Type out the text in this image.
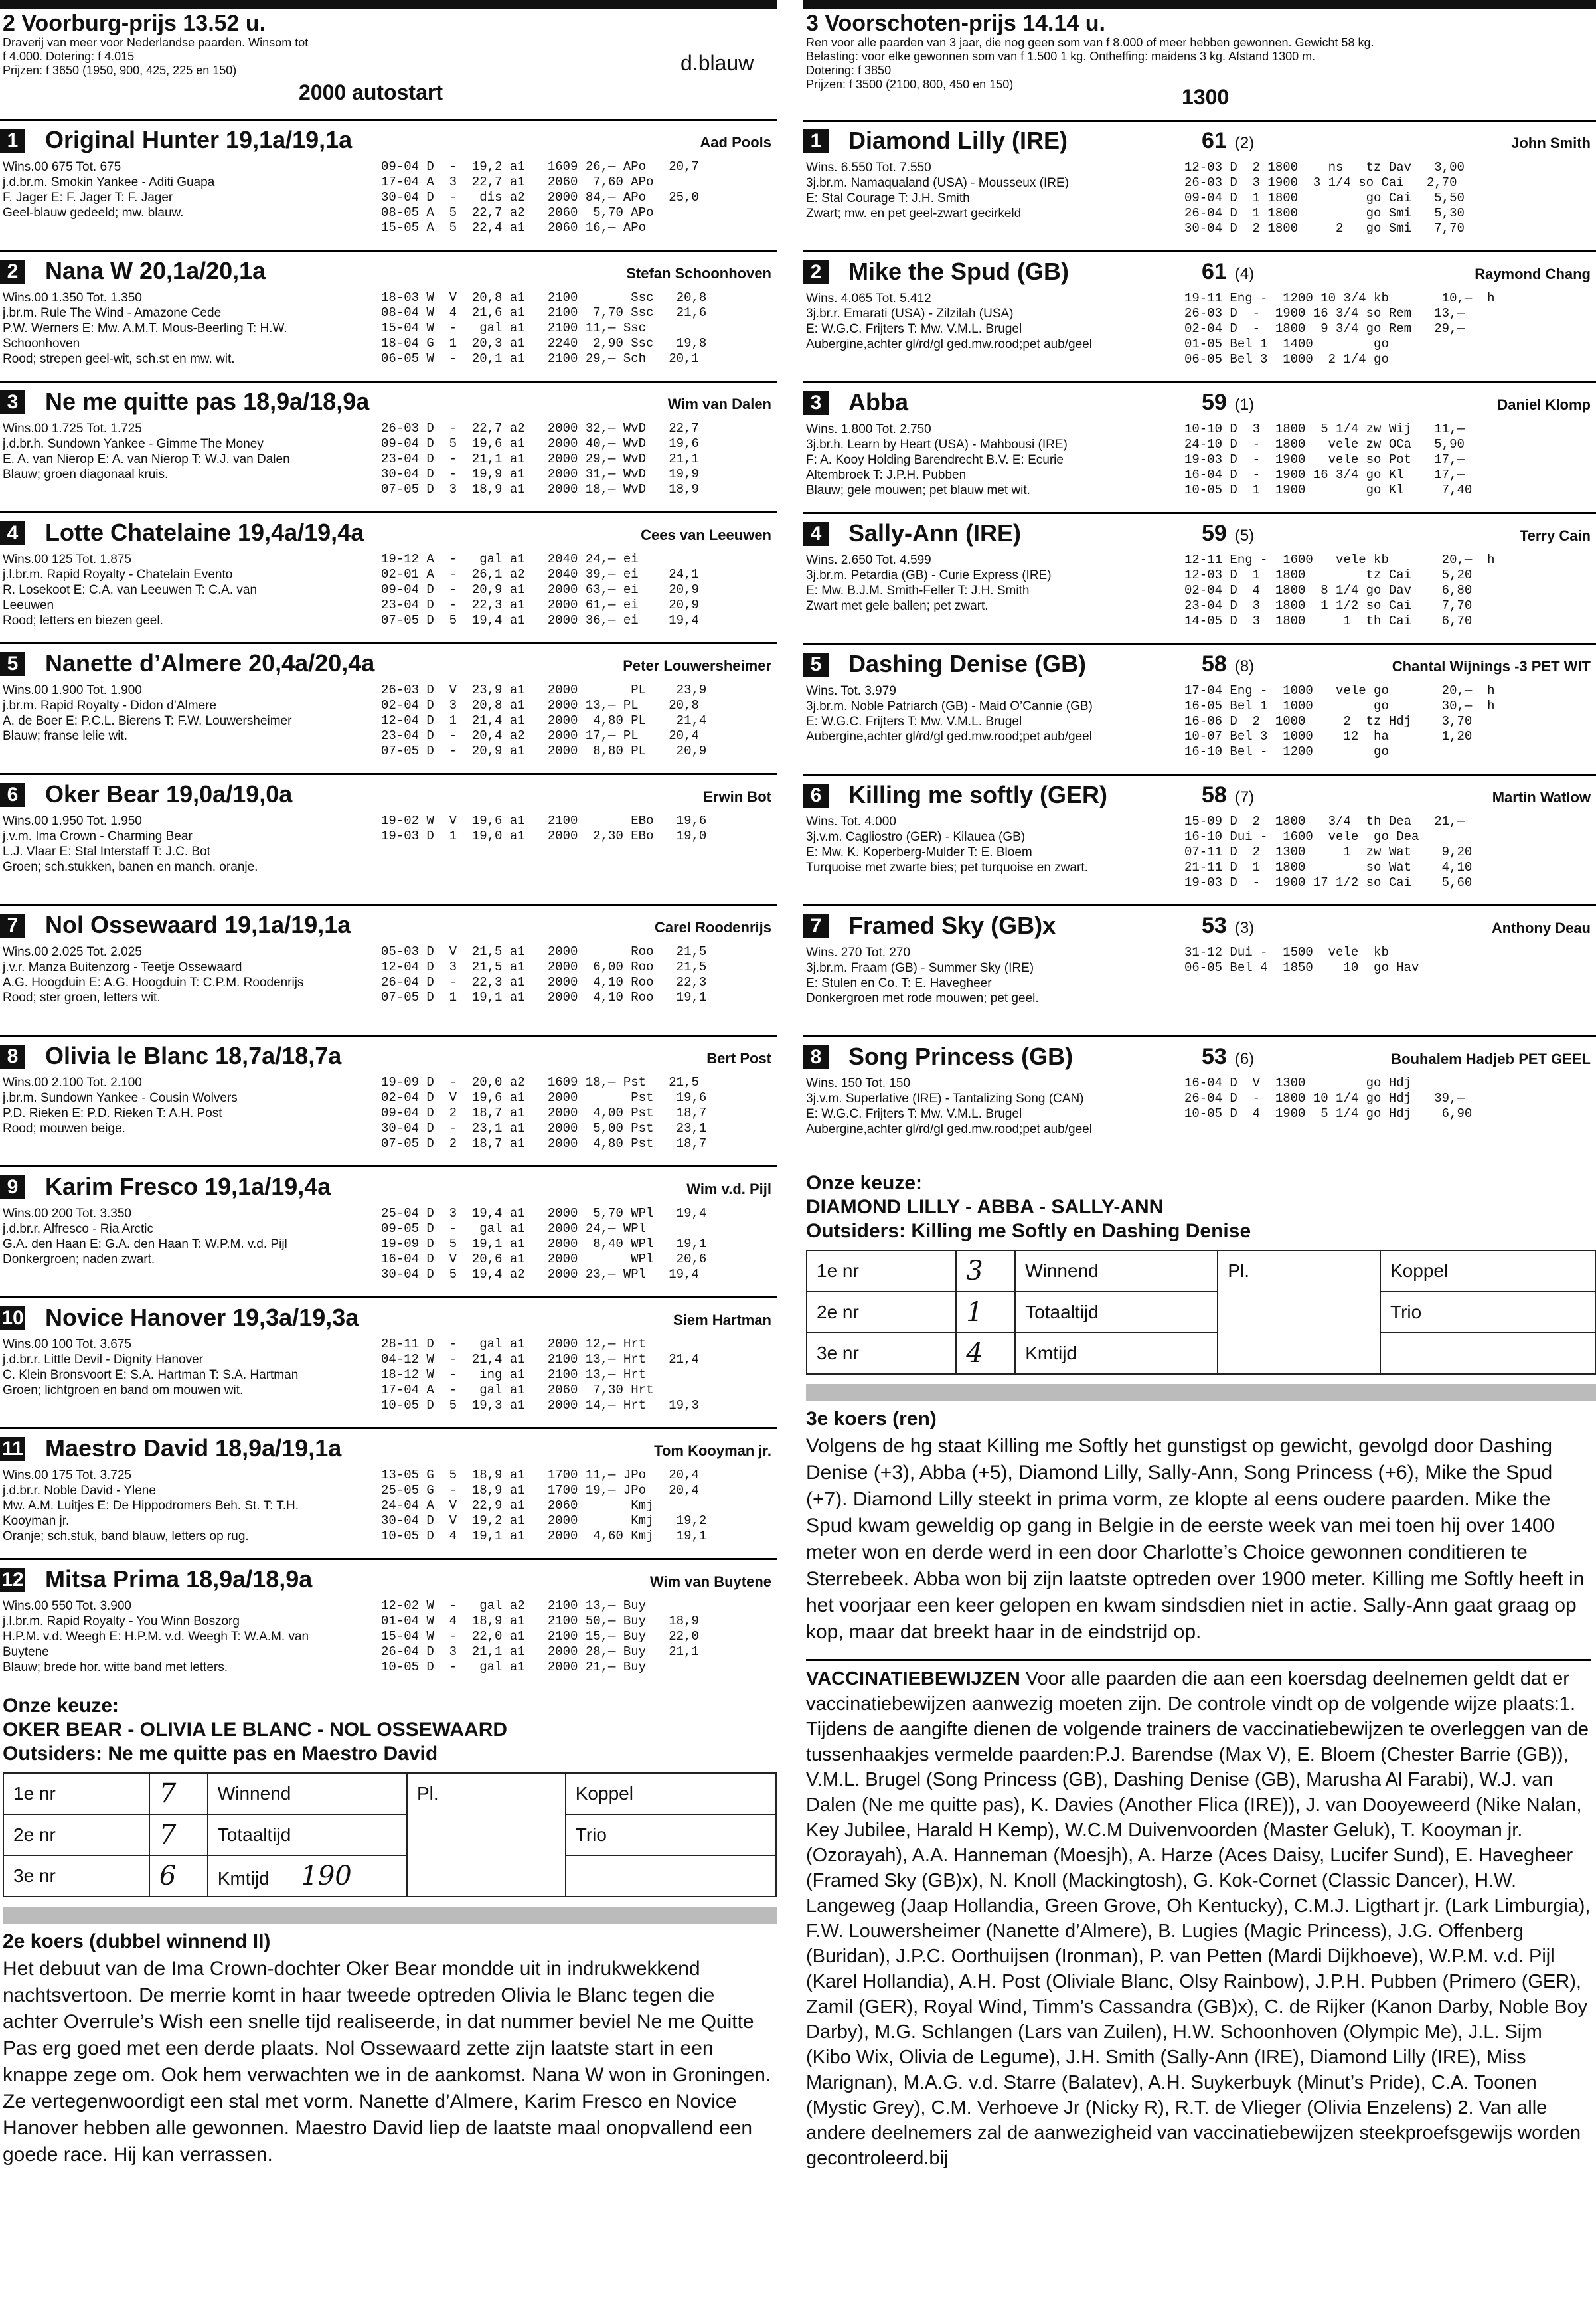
2 Voorburg-prijs 13.52 u.
Draverij van meer voor Nederlandse paarden. Winsom tot
f 4.000. Dotering: f 4.015
Prijzen: f 3650 (1950, 900, 425, 225 en 150)
2000 autostart
d.blauw
1 Original Hunter 19,1a/19,1a	Aad Pools
Wins.00 675 Tot. 675
j.d.br.m. Smokin Yankee - Aditi Guapa
F. Jager E: F. Jager T: F. Jager
Geel-blauw gedeeld; mw. blauw.
09-04 D  -  19,2 a1   1609 26,— APo   20,7
17-04 A  3  22,7 a1   2060  7,60 APo
30-04 D  -   dis a2   2000 84,— APo   25,0
08-05 A  5  22,7 a2   2060  5,70 APo
15-05 A  5  22,4 a1   2060 16,— APo
2 Nana W 20,1a/20,1a	Stefan Schoonhoven
Wins.00 1.350 Tot. 1.350
j.br.m. Rule The Wind - Amazone Cede
P.W. Werners E: Mw. A.M.T. Mous-Beerling T: H.W.
Schoonhoven
Rood; strepen geel-wit, sch.st en mw. wit.
18-03 W  V  20,8 a1   2100       Ssc   20,8
08-04 W  4  21,6 a1   2100  7,70 Ssc   21,6
15-04 W  -   gal a1   2100 11,— Ssc
18-04 G  1  20,3 a1   2240  2,90 Ssc   19,8
06-05 W  -  20,1 a1   2100 29,— Sch   20,1
3 Ne me quitte pas 18,9a/18,9a	Wim van Dalen
Wins.00 1.725 Tot. 1.725
j.d.br.h. Sundown Yankee - Gimme The Money
E. A. van Nierop E: A. van Nierop T: W.J. van Dalen
Blauw; groen diagonaal kruis.
26-03 D  -  22,7 a2   2000 32,— WvD   22,7
09-04 D  5  19,6 a1   2000 40,— WvD   19,6
23-04 D  -  21,1 a1   2000 29,— WvD   21,1
30-04 D  -  19,9 a1   2000 31,— WvD   19,9
07-05 D  3  18,9 a1   2000 18,— WvD   18,9
4 Lotte Chatelaine 19,4a/19,4a	Cees van Leeuwen
Wins.00 125 Tot. 1.875
j.l.br.m. Rapid Royalty - Chatelain Evento
R. Losekoot E: C.A. van Leeuwen T: C.A. van
Leeuwen
Rood; letters en biezen geel.
19-12 A  -   gal a1   2040 24,— ei
02-01 A  -  26,1 a2   2040 39,— ei    24,1
09-04 D  -  20,9 a1   2000 63,— ei    20,9
23-04 D  -  22,3 a1   2000 61,— ei    20,9
07-05 D  5  19,4 a1   2000 36,— ei    19,4
5 Nanette d’Almere 20,4a/20,4a	Peter Louwersheimer
Wins.00 1.900 Tot. 1.900
j.br.m. Rapid Royalty - Didon d’Almere
A. de Boer E: P.C.L. Bierens T: F.W. Louwersheimer
Blauw; franse lelie wit.
26-03 D  V  23,9 a1   2000       PL    23,9
02-04 D  3  20,8 a1   2000 13,— PL    20,8
12-04 D  1  21,4 a1   2000  4,80 PL    21,4
23-04 D  -  20,4 a2   2000 17,— PL    20,4
07-05 D  -  20,9 a1   2000  8,80 PL    20,9
6 Oker Bear 19,0a/19,0a	Erwin Bot
Wins.00 1.950 Tot. 1.950
j.v.m. Ima Crown - Charming Bear
L.J. Vlaar E: Stal Interstaff T: J.C. Bot
Groen; sch.stukken, banen en manch. oranje.
19-02 W  V  19,6 a1   2100       EBo   19,6
19-03 D  1  19,0 a1   2000  2,30 EBo   19,0
7 Nol Ossewaard 19,1a/19,1a	Carel Roodenrijs
Wins.00 2.025 Tot. 2.025
j.v.r. Manza Buitenzorg - Teetje Ossewaard
A.G. Hoogduin E: A.G. Hoogduin T: C.P.M. Roodenrijs
Rood; ster groen, letters wit.
05-03 D  V  21,5 a1   2000       Roo   21,5
12-04 D  3  21,5 a1   2000  6,00 Roo   21,5
26-04 D  -  22,3 a1   2000  4,10 Roo   22,3
07-05 D  1  19,1 a1   2000  4,10 Roo   19,1
8 Olivia le Blanc 18,7a/18,7a	Bert Post
Wins.00 2.100 Tot. 2.100
j.br.m. Sundown Yankee - Cousin Wolvers
P.D. Rieken E: P.D. Rieken T: A.H. Post
Rood; mouwen beige.
19-09 D  -  20,0 a2   1609 18,— Pst   21,5
02-04 D  V  19,6 a1   2000       Pst   19,6
09-04 D  2  18,7 a1   2000  4,00 Pst   18,7
30-04 D  -  23,1 a1   2000  5,00 Pst   23,1
07-05 D  2  18,7 a1   2000  4,80 Pst   18,7
9 Karim Fresco 19,1a/19,4a	Wim v.d. Pijl
Wins.00 200 Tot. 3.350
j.d.br.r. Alfresco - Ria Arctic
G.A. den Haan E: G.A. den Haan T: W.P.M. v.d. Pijl
Donkergroen; naden zwart.
25-04 D  3  19,4 a1   2000  5,70 WPl   19,4
09-05 D  -   gal a1   2000 24,— WPl
19-09 D  5  19,1 a1   2000  8,40 WPl   19,1
16-04 D  V  20,6 a1   2000       WPl   20,6
30-04 D  5  19,4 a2   2000 23,— WPl   19,4
10 Novice Hanover 19,3a/19,3a	Siem Hartman
Wins.00 100 Tot. 3.675
j.d.br.r. Little Devil - Dignity Hanover
C. Klein Bronsvoort E: S.A. Hartman T: S.A. Hartman
Groen; lichtgroen en band om mouwen wit.
28-11 D  -   gal a1   2000 12,— Hrt
04-12 W  -  21,4 a1   2100 13,— Hrt   21,4
18-12 W  -   ing a1   2100 13,— Hrt
17-04 A  -   gal a1   2060  7,30 Hrt
10-05 D  5  19,3 a1   2000 14,— Hrt   19,3
11 Maestro David 18,9a/19,1a	Tom Kooyman jr.
Wins.00 175 Tot. 3.725
j.d.br.r. Noble David - Ylene
Mw. A.M. Luitjes E: De Hippodromers Beh. St. T: T.H.
Kooyman jr.
Oranje; sch.stuk, band blauw, letters op rug.
13-05 G  5  18,9 a1   1700 11,— JPo   20,4
25-05 G  -  18,9 a1   1700 19,— JPo   20,4
24-04 A  V  22,9 a1   2060       Kmj
30-04 D  V  19,2 a1   2000       Kmj   19,2
10-05 D  4  19,1 a1   2000  4,60 Kmj   19,1
12 Mitsa Prima 18,9a/18,9a	Wim van Buytene
Wins.00 550 Tot. 3.900
j.l.br.m. Rapid Royalty - You Winn Boszorg
H.P.M. v.d. Weegh E: H.P.M. v.d. Weegh T: W.A.M. van
Buytene
Blauw; brede hor. witte band met letters.
12-02 W  -   gal a2   2100 13,— Buy
01-04 W  4  18,9 a1   2100 50,— Buy   18,9
15-04 W  -  22,0 a1   2100 15,— Buy   22,0
26-04 D  3  21,1 a1   2000 28,— Buy   21,1
10-05 D  -   gal a1   2000 21,— Buy
Onze keuze:
OKER BEAR - OLIVIA LE BLANC - NOL OSSEWAARD
Outsiders: Ne me quitte pas en Maestro David
1e nr	7	Winnend	Pl.	Koppel
2e nr	7	Totaaltijd		Trio
3e nr	6	Kmtijd 190		
2e koers (dubbel winnend II)
Het debuut van de Ima Crown-dochter Oker Bear mondde uit in indrukwekkend nachtsvertoon. De merrie komt in haar tweede optreden Olivia le Blanc tegen die achter Overrule’s Wish een snelle tijd realiseerde, in dat nummer beviel Ne me Quitte Pas erg goed met een derde plaats. Nol Ossewaard zette zijn laatste start in een knappe zege om. Ook hem verwachten we in de aankomst. Nana W won in Groningen. Ze vertegenwoordigt een stal met vorm. Nanette d’Almere, Karim Fresco en Novice Hanover hebben alle gewonnen. Maestro David liep de laatste maal onopvallend een goede race. Hij kan verrassen.
3 Voorschoten-prijs 14.14 u.
Ren voor alle paarden van 3 jaar, die nog geen som van f 8.000 of meer hebben gewonnen. Gewicht 58 kg.
Belasting: voor elke gewonnen som van f 1.500 1 kg. Ontheffing: maidens 3 kg. Afstand 1300 m.
Dotering: f 3850
Prijzen: f 3500 (2100, 800, 450 en 150)
1300
1 Diamond Lilly (IRE)	John Smith
61 (2)
Wins. 6.550 Tot. 7.550
3j.br.m. Namaqualand (USA) - Mousseux (IRE)
E: Stal Courage T: J.H. Smith
Zwart; mw. en pet geel-zwart gecirkeld
12-03 D  2 1800    ns   tz Dav   3,00
26-03 D  3 1900  3 1/4 so Cai   2,70
09-04 D  1 1800         go Cai   5,50
26-04 D  1 1800         go Smi   5,30
30-04 D  2 1800     2   go Smi   7,70
2 Mike the Spud (GB)	Raymond Chang
61 (4)
Wins. 4.065 Tot. 5.412
3j.br.r. Emarati (USA) - Zilzilah (USA)
E: W.G.C. Frijters T: Mw. V.M.L. Brugel
Aubergine,achter gl/rd/gl ged.mw.rood;pet aub/geel
19-11 Eng -  1200 10 3/4 kb       10,—  h
26-03 D  -  1900 16 3/4 so Rem   13,—
02-04 D  -  1800  9 3/4 go Rem   29,—
01-05 Bel 1  1400        go
06-05 Bel 3  1000  2 1/4 go
3 Abba	Daniel Klomp
59 (1)
Wins. 1.800 Tot. 2.750
3j.br.h. Learn by Heart (USA) - Mahbousi (IRE)
F: A. Kooy Holding Barendrecht B.V. E: Ecurie
Altembroek T: J.P.H. Pubben
Blauw; gele mouwen; pet blauw met wit.
10-10 D  3  1800  5 1/4 zw Wij   11,—
24-10 D  -  1800   vele zw OCa   5,90
19-03 D  -  1900   vele so Pot   17,—
16-04 D  -  1900 16 3/4 go Kl    17,—
10-05 D  1  1900        go Kl     7,40
4 Sally-Ann (IRE)	Terry Cain
59 (5)
Wins. 2.650 Tot. 4.599
3j.br.m. Petardia (GB) - Curie Express (IRE)
E: Mw. B.J.M. Smith-Feller T: J.H. Smith
Zwart met gele ballen; pet zwart.
12-11 Eng -  1600   vele kb       20,—  h
12-03 D  1  1800        tz Cai    5,20
02-04 D  4  1800  8 1/4 go Dav    6,80
23-04 D  3  1800  1 1/2 so Cai    7,70
14-05 D  3  1800     1  th Cai    6,70
5 Dashing Denise (GB)	Chantal Wijnings -3 PET WIT
58 (8)
Wins. Tot. 3.979
3j.br.m. Noble Patriarch (GB) - Maid O’Cannie (GB)
E: W.G.C. Frijters T: Mw. V.M.L. Brugel
Aubergine,achter gl/rd/gl ged.mw.rood;pet aub/geel
17-04 Eng -  1000   vele go       20,—  h
16-05 Bel 1  1000        go       30,—  h
16-06 D  2  1000     2  tz Hdj    3,70
10-07 Bel 3  1000    12  ha       1,20
16-10 Bel -  1200        go
6 Killing me softly (GER)	Martin Watlow
58 (7)
Wins. Tot. 4.000
3j.v.m. Cagliostro (GER) - Kilauea (GB)
E: Mw. K. Koperberg-Mulder T: E. Bloem
Turquoise met zwarte bies; pet turquoise en zwart.
15-09 D  2  1800   3/4  th Dea   21,—
16-10 Dui -  1600  vele  go Dea
07-11 D  2  1300     1  zw Wat    9,20
21-11 D  1  1800        so Wat    4,10
19-03 D  -  1900 17 1/2 so Cai    5,60
7 Framed Sky (GB)x	Anthony Deau
53 (3)
Wins. 270 Tot. 270
3j.br.m. Fraam (GB) - Summer Sky (IRE)
E: Stulen en Co. T: E. Havegheer
Donkergroen met rode mouwen; pet geel.
31-12 Dui -  1500  vele  kb
06-05 Bel 4  1850    10  go Hav
8 Song Princess (GB)	Bouhalem Hadjeb PET GEEL
53 (6)
Wins. 150 Tot. 150
3j.v.m. Superlative (IRE) - Tantalizing Song (CAN)
E: W.G.C. Frijters T: Mw. V.M.L. Brugel
Aubergine,achter gl/rd/gl ged.mw.rood;pet aub/geel
16-04 D  V  1300        go Hdj
26-04 D  -  1800 10 1/4 go Hdj   39,—
10-05 D  4  1900  5 1/4 go Hdj    6,90
Onze keuze:
DIAMOND LILLY - ABBA - SALLY-ANN
Outsiders: Killing me Softly en Dashing Denise
1e nr	3	Winnend	Pl.	Koppel
2e nr	1	Totaaltijd		Trio
3e nr	4	Kmtijd		
3e koers (ren)
Volgens de hg staat Killing me Softly het gunstigst op gewicht, gevolgd door Dashing Denise (+3), Abba (+5), Diamond Lilly, Sally-Ann, Song Princess (+6), Mike the Spud (+7). Diamond Lilly steekt in prima vorm, ze klopte al eens oudere paarden. Mike the Spud kwam geweldig op gang in Belgie in de eerste week van mei toen hij over 1400 meter won en derde werd in een door Charlotte’s Choice gewonnen conditieren te Sterrebeek. Abba won bij zijn laatste optreden over 1900 meter. Killing me Softly heeft in het voorjaar een keer gelopen en kwam sindsdien niet in actie. Sally-Ann gaat graag op kop, maar dat breekt haar in de eindstrijd op.
VACCINATIEBEWIJZEN Voor alle paarden die aan een koersdag deelnemen geldt dat er vaccinatiebewijzen aanwezig moeten zijn. De controle vindt op de volgende wijze plaats:1. Tijdens de aangifte dienen de volgende trainers de vaccinatiebewijzen te overleggen van de tussenhaakjes vermelde paarden:P.J. Barendse (Max V), E. Bloem (Chester Barrie (GB)), V.M.L. Brugel (Song Princess (GB), Dashing Denise (GB), Marusha Al Farabi), W.J. van Dalen (Ne me quitte pas), K. Davies (Another Flica (IRE)), J. van Dooyeweerd (Nike Nalan, Key Jubilee, Harald H Kemp), W.C.M Duivenvoorden (Master Geluk), T. Kooyman jr. (Ozorayah), A.A. Hanneman (Moesjh), A. Harze (Aces Daisy, Lucifer Sund), E. Havegheer (Framed Sky (GB)x), N. Knoll (Mackingtosh), G. Kok-Cornet (Classic Dancer), H.W. Langeweg (Jaap Hollandia, Green Grove, Oh Kentucky), C.M.J. Ligthart jr. (Lark Limburgia), F.W. Louwersheimer (Nanette d’Almere), B. Lugies (Magic Princess), J.G. Offenberg (Buridan), J.P.C. Oorthuijsen (Ironman), P. van Petten (Mardi Dijkhoeve), W.P.M. v.d. Pijl (Karel Hollandia), A.H. Post (Oliviale Blanc, Olsy Rainbow), J.P.H. Pubben (Primero (GER), Zamil (GER), Royal Wind, Timm’s Cassandra (GB)x), C. de Rijker (Kanon Darby, Noble Boy Darby), M.G. Schlangen (Lars van Zuilen), H.W. Schoonhoven (Olympic Me), J.L. Sijm (Kibo Wix, Olivia de Legume), J.H. Smith (Sally-Ann (IRE), Diamond Lilly (IRE), Miss Marignan), M.A.G. v.d. Starre (Balatev), A.H. Suykerbuyk (Minut’s Pride), C.A. Toonen (Mystic Grey), C.M. Verhoeve Jr (Nicky R), R.T. de Vlieger (Olivia Enzelens) 2. Van alle andere deelnemers zal de aanwezigheid van vaccinatiebewijzen steekproefsgewijs worden gecontroleerd.bij
